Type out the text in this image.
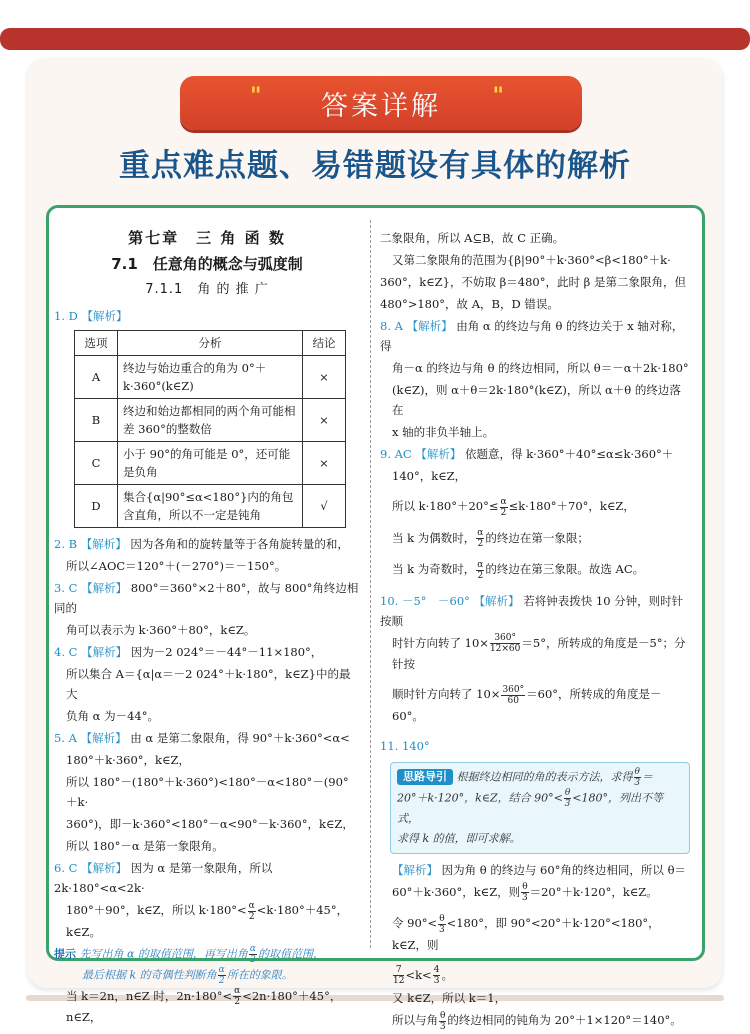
"	答案详解	"
重点难点题、易错题设有具体的解析
第七章　三 角 函 数
7.1　任意角的概念与弧度制
7.1.1　角 的 推 广
1. D 【解析】
选项	分析	结论
A	终边与始边重合的角为 0°＋k·360°(k∈Z)	×
B	终边和始边都相同的两个角可能相差 360°的整数倍	×
C	小于 90°的角可能是 0°，还可能是负角	×
D	集合{α|90°≤α<180°}内的角包含直角，所以不一定是钝角	√
2. B 【解析】 因为各角和的旋转量等于各角旋转量的和，
所以∠AOC＝120°＋(－270°)＝－150°。
3. C 【解析】 800°＝360°×2＋80°，故与 800°角终边相同的
角可以表示为 k·360°＋80°，k∈Z。
4. C 【解析】 因为－2 024°＝－44°－11×180°，
所以集合 A＝{α|α＝－2 024°＋k·180°，k∈Z}中的最大
负角 α 为－44°。
5. A 【解析】 由 α 是第二象限角，得 90°＋k·360°<α<
180°＋k·360°，k∈Z，
所以 180°－(180°＋k·360°)<180°－α<180°－(90°＋k·
360°)，即－k·360°<180°－α<90°－k·360°，k∈Z，
所以 180°－α 是第一象限角。
6. C 【解析】 因为 α 是第一象限角，所以 2k·180°<α<2k·
180°＋90°，k∈Z，所以 $k\cdot 180^\circ< \frac{\alpha}{2} <k\cdot 180^\circ+45^\circ$，k∈Z。
提示 先写出角 α 的取值范围，再写出角 $\frac{\alpha}{2}$ 的取值范围，
最后根据 k 的奇偶性判断角 $\frac{\alpha}{2}$ 所在的象限。
当 k＝2n，n∈Z 时，$2n\cdot 180^\circ< \frac{\alpha}{2} <2n\cdot 180^\circ+45^\circ$，n∈Z，
二象限角，所以 A⊆B，故 C 正确。
又第二象限角的范围为{β|90°＋k·360°<β<180°＋k·
360°，k∈Z}，不妨取 β＝480°，此时 β 是第二象限角，但
480°>180°，故 A，B，D 错误。
8. A 【解析】 由角 α 的终边与角 θ 的终边关于 x 轴对称，得
角－α 的终边与角 θ 的终边相同，所以 θ＝－α＋2k·180°
(k∈Z)，则 α＋θ＝2k·180°(k∈Z)，所以 α＋θ 的终边落在
x 轴的非负半轴上。
9. AC 【解析】 依题意，得 k·360°＋40°≤α≤k·360°＋
140°，k∈Z，
所以 $k\cdot 180^\circ+20^\circ\le \frac{\alpha}{2} \le k\cdot 180^\circ+70^\circ$，k∈Z，
当 k 为偶数时， $\frac{\alpha}{2}$ 的终边在第一象限；
当 k 为奇数时， $\frac{\alpha}{2}$ 的终边在第三象限。故选 AC。
10. －5°　－60° 【解析】 若将钟表拨快 10 分钟，则时针按顺
时针方向转了 $10\times \frac{360^\circ}{12\times 60} =5^\circ$，所转成的角度是－5°；分针按
顺时针方向转了 $10\times \frac{360^\circ}{60} =60^\circ$，所转成的角度是－60°。
11. 140°
思路导引 根据终边相同的角的表示方法，求得 $\frac{\theta}{3}$ ＝
20°＋k·120°，k∈Z，结合 $90^\circ< \frac{\theta}{3} <180^\circ$，列出不等式，
求得 k 的值，即可求解。
【解析】 因为角 θ 的终边与 60°角的终边相同，所以 θ＝
60°＋k·360°，k∈Z，则 $\frac{\theta}{3} =20^\circ+k\cdot 120^\circ$，k∈Z。
令 $90^\circ< \frac{\theta}{3} <180^\circ$，即 90°<20°＋k·120°<180°，k∈Z，则
$\frac{7}{12} <k< \frac{4}{3}$ 。
又 k∈Z，所以 k＝1，
所以与角 $\frac{\theta}{3}$ 的终边相同的钝角为 20°＋1×120°＝140°。
